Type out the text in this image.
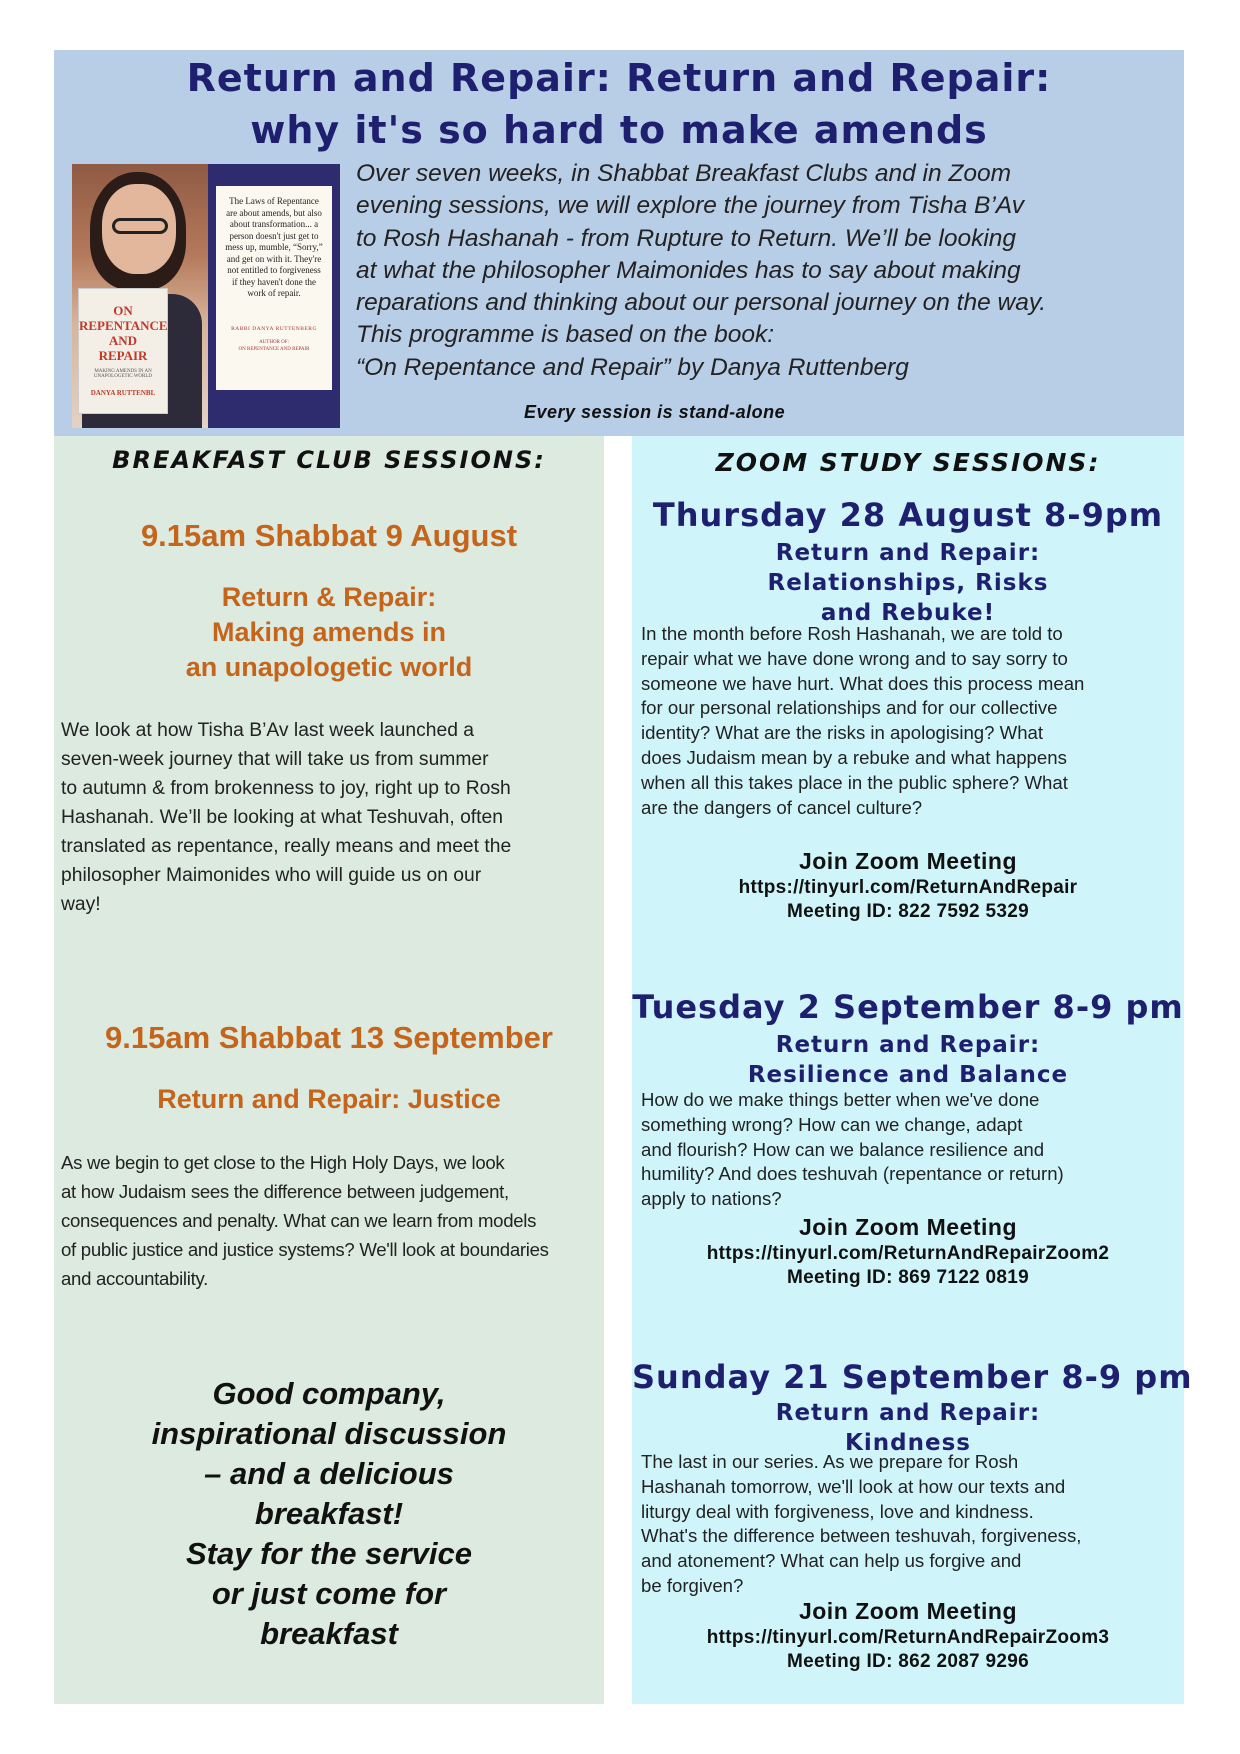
Return and Repair: Return and Repair:
why it's so hard to make amends
ON
REPENTANCE
AND
REPAIR
MAKING AMENDS IN AN UNAPOLOGETIC WORLD
DANYA RUTTENBL
The Laws of Repentance
are about amends, but also
about transformation... a
person doesn't just get to
mess up, mumble, “Sorry,”
and get on with it. They're
not entitled to forgiveness
if they haven't done the
work of repair.
RABBI DANYA RUTTENBERG
AUTHOR OF:
ON REPENTANCE AND REPAIR
Over seven weeks, in Shabbat Breakfast Clubs and in Zoom
evening sessions, we will explore the journey from Tisha B’Av
to Rosh Hashanah - from Rupture to Return. We’ll be looking
at what the philosopher Maimonides has to say about making
reparations and thinking about our personal journey on the way.
This programme is based on the book:
“On Repentance and Repair” by Danya Ruttenberg
Every session is stand-alone
BREAKFAST CLUB SESSIONS:
9.15am Shabbat 9 August
Return & Repair:
Making amends in
an unapologetic world
We look at how Tisha B’Av last week launched a
seven-week journey that will take us from summer
to autumn & from brokenness to joy, right up to Rosh
Hashanah. We’ll be looking at what Teshuvah, often
translated as repentance, really means and meet the
philosopher Maimonides who will guide us on our
way!
9.15am Shabbat 13 September
Return and Repair: Justice
As we begin to get close to the High Holy Days, we look
at how Judaism sees the difference between judgement,
consequences and penalty. What can we learn from models
of public justice and justice systems? We'll look at boundaries
and accountability.
Good company,
inspirational discussion
– and a delicious
breakfast!
Stay for the service
or just come for
breakfast
ZOOM STUDY SESSIONS:
Thursday 28 August 8-9pm
Return and Repair:
Relationships, Risks
and Rebuke!
In the month before Rosh Hashanah, we are told to
repair what we have done wrong and to say sorry to
someone we have hurt. What does this process mean
for our personal relationships and for our collective
identity? What are the risks in apologising? What
does Judaism mean by a rebuke and what happens
when all this takes place in the public sphere? What
are the dangers of cancel culture?
Join Zoom Meeting
https://tinyurl.com/ReturnAndRepair
Meeting ID: 822 7592 5329
Tuesday 2 September 8-9 pm
Return and Repair:
Resilience and Balance
How do we make things better when we've done
something wrong? How can we change, adapt
and flourish? How can we balance resilience and
humility? And does teshuvah (repentance or return)
apply to nations?
Join Zoom Meeting
https://tinyurl.com/ReturnAndRepairZoom2
Meeting ID: 869 7122 0819
Sunday 21 September 8-9 pm
Return and Repair:
Kindness
The last in our series. As we prepare for Rosh
Hashanah tomorrow, we'll look at how our texts and
liturgy deal with forgiveness, love and kindness.
What's the difference between teshuvah, forgiveness,
and atonement? What can help us forgive and
be forgiven?
Join Zoom Meeting
https://tinyurl.com/ReturnAndRepairZoom3
Meeting ID: 862 2087 9296
